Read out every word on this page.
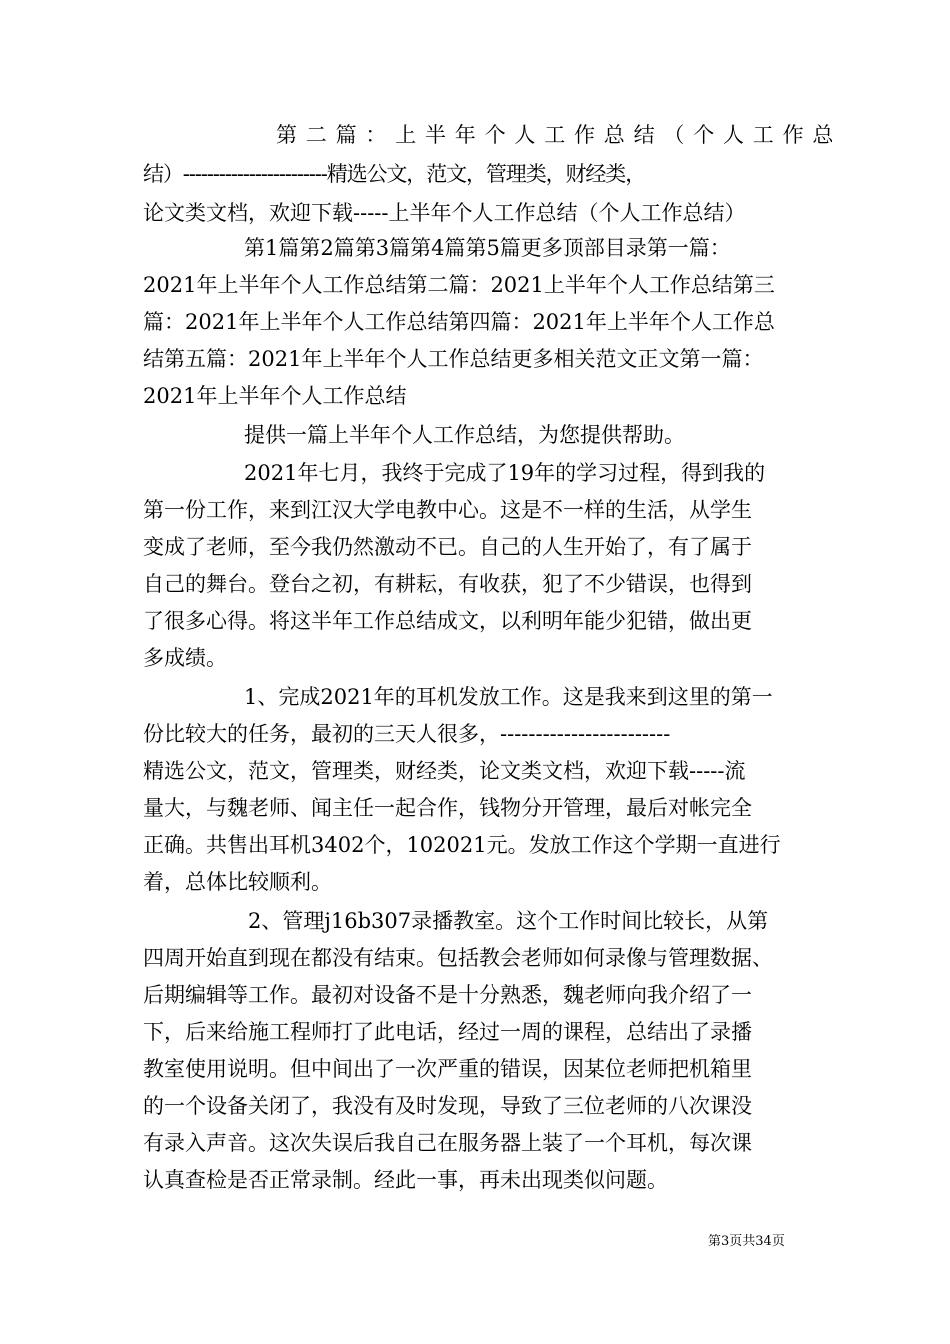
第二篇：上半年个人工作总结（个人工作总
结）------------------------精选公文，范文，管理类，财经类，
论文类文档，欢迎下载-----上半年个人工作总结（个人工作总结）
第1篇第2篇第3篇第4篇第5篇更多顶部目录第一篇：
2021年上半年个人工作总结第二篇：2021上半年个人工作总结第三
篇：2021年上半年个人工作总结第四篇：2021年上半年个人工作总
结第五篇：2021年上半年个人工作总结更多相关范文正文第一篇：
2021年上半年个人工作总结
提供一篇上半年个人工作总结，为您提供帮助。
2021年七月，我终于完成了19年的学习过程，得到我的
第一份工作，来到江汉大学电教中心。这是不一样的生活，从学生
变成了老师，至今我仍然激动不已。自己的人生开始了，有了属于
自己的舞台。登台之初，有耕耘，有收获，犯了不少错误，也得到
了很多心得。将这半年工作总结成文，以利明年能少犯错，做出更
多成绩。
1、完成2021年的耳机发放工作。这是我来到这里的第一
份比较大的任务，最初的三天人很多，------------------------
精选公文，范文，管理类，财经类，论文类文档，欢迎下载-----流
量大，与魏老师、闻主任一起合作，钱物分开管理，最后对帐完全
正确。共售出耳机3402个，102021元。发放工作这个学期一直进行
着，总体比较顺利。
2、管理j16b307录播教室。这个工作时间比较长，从第
四周开始直到现在都没有结束。包括教会老师如何录像与管理数据、
后期编辑等工作。最初对设备不是十分熟悉，魏老师向我介绍了一
下，后来给施工程师打了此电话，经过一周的课程，总结出了录播
教室使用说明。但中间出了一次严重的错误，因某位老师把机箱里
的一个设备关闭了，我没有及时发现，导致了三位老师的八次课没
有录入声音。这次失误后我自己在服务器上装了一个耳机，每次课
认真查检是否正常录制。经此一事，再未出现类似问题。
第3页共34页
